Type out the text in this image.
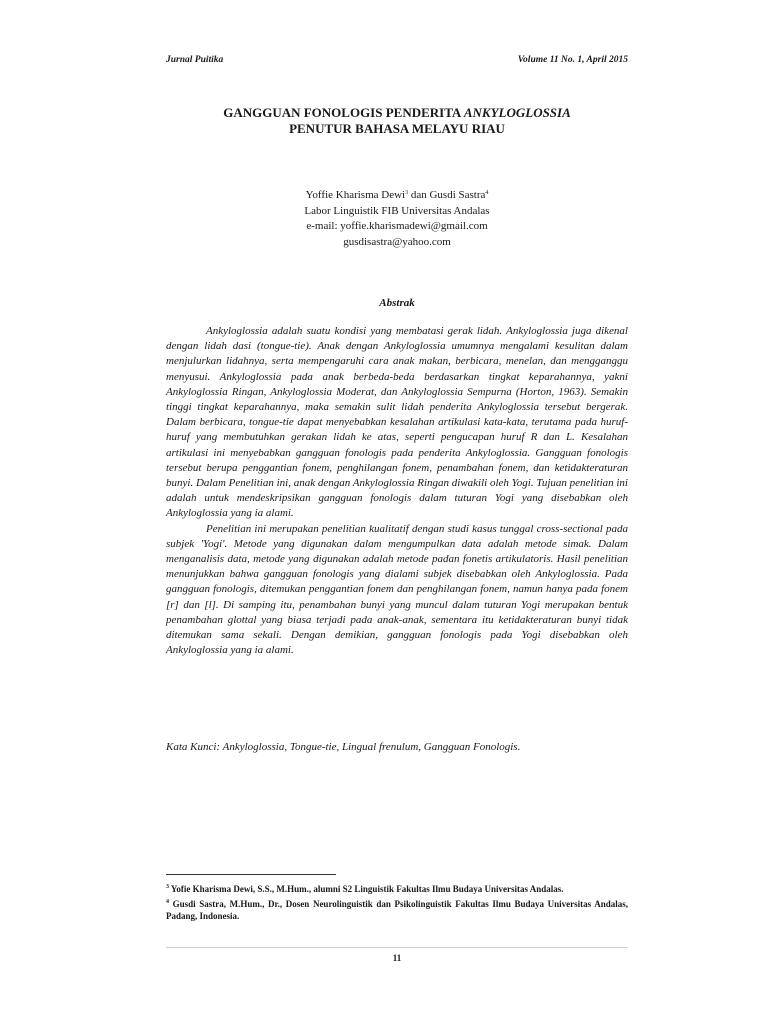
Jurnal Puitika	Volume 11 No. 1, April 2015
GANGGUAN FONOLOGIS PENDERITA ANKYLOGLOSSIA
PENUTUR BAHASA MELAYU RIAU
Yoffie Kharisma Dewi$^3$ dan Gusdi Sastra$^4$
Labor Linguistik FIB Universitas Andalas
e-mail: yoffie.kharismadewi@gmail.com
gusdisastra@yahoo.com
Abstrak

Ankyloglossia adalah suatu kondisi yang membatasi gerak lidah. Ankyloglossia juga dikenal dengan lidah dasi (tongue-tie). Anak dengan Ankyloglossia umumnya mengalami kesulitan dalam menjulurkan lidahnya, serta mempengaruhi cara anak makan, berbicara, menelan, dan mengganggu menyusui. Ankyloglossia pada anak berbeda-beda berdasarkan tingkat keparahannya, yakni Ankyloglossia Ringan, Ankyloglossia Moderat, dan Ankyloglossia Sempurna (Horton, 1963). Semakin tinggi tingkat keparahannya, maka semakin sulit lidah penderita Ankyloglossia tersebut bergerak. Dalam berbicara, tongue-tie dapat menyebabkan kesalahan artikulasi kata-kata, terutama pada huruf-huruf yang membutuhkan gerakan lidah ke atas, seperti pengucapan huruf R dan L. Kesalahan artikulasi ini menyebabkan gangguan fonologis pada penderita Ankyloglossia. Gangguan fonologis tersebut berupa penggantian fonem, penghilangan fonem, penambahan fonem, dan ketidakteraturan bunyi. Dalam Penelitian ini, anak dengan Ankyloglossia Ringan diwakili oleh Yogi. Tujuan penelitian ini adalah untuk mendeskripsikan gangguan fonologis dalam tuturan Yogi yang disebabkan oleh Ankyloglossia yang ia alami.

Penelitian ini merupakan penelitian kualitatif dengan studi kasus tunggal cross-sectional pada subjek 'Yogi'. Metode yang digunakan dalam mengumpulkan data adalah metode simak. Dalam menganalisis data, metode yang digunakan adalah metode padan fonetis artikulatoris. Hasil penelitian menunjukkan bahwa gangguan fonologis yang dialami subjek disebabkan oleh Ankyloglossia. Pada gangguan fonologis, ditemukan penggantian fonem dan penghilangan fonem, namun hanya pada fonem [r] dan [l]. Di samping itu, penambahan bunyi yang muncul dalam tuturan Yogi merupakan bentuk penambahan glottal yang biasa terjadi pada anak-anak, sementara itu ketidakteraturan bunyi tidak ditemukan sama sekali. Dengan demikian, gangguan fonologis pada Yogi disebabkan oleh Ankyloglossia yang ia alami.

Kata Kunci: Ankyloglossia, Tongue-tie, Lingual frenulum, Gangguan Fonologis.

$^3$ Yofie Kharisma Dewi, S.S., M.Hum., alumni S2 Linguistik Fakultas Ilmu Budaya Universitas Andalas.

$^4$ Gusdi Sastra, M.Hum., Dr., Dosen Neurolinguistik dan Psikolinguistik Fakultas Ilmu Budaya Universitas Andalas, Padang, Indonesia.

11
